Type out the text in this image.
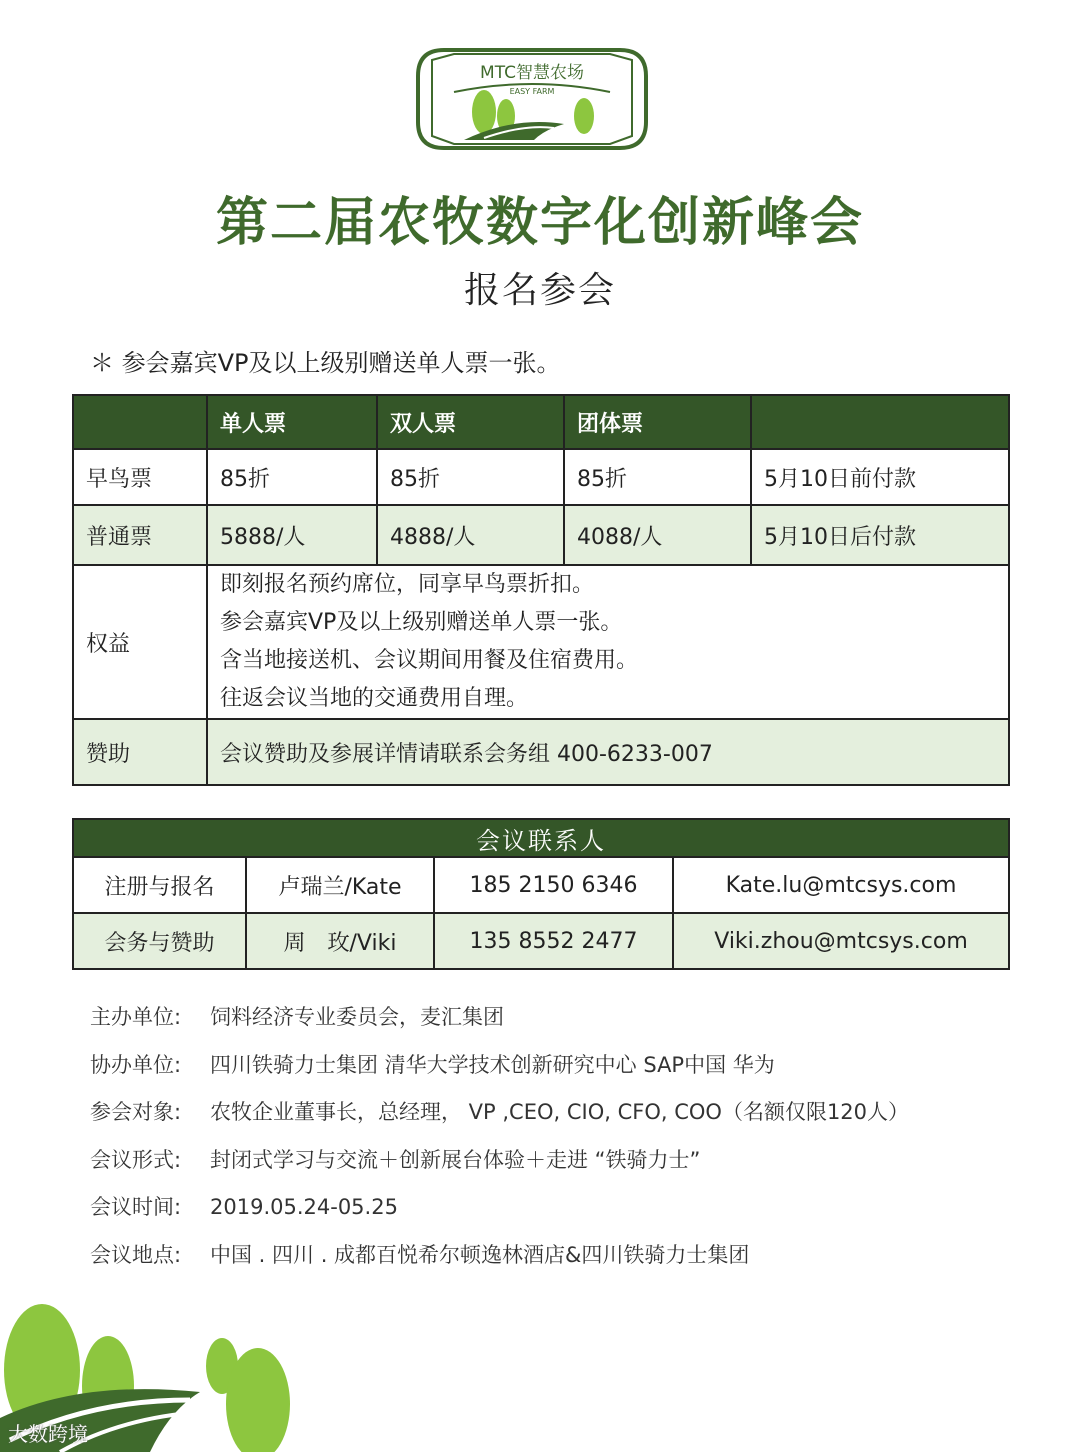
MTC智慧农场
EASY FARM
第二届农牧数字化创新峰会
报名参会
＊ 参会嘉宾VP及以上级别赠送单人票一张。
	单人票	双人票	团体票	
早鸟票	85折	85折	85折	5月10日前付款
普通票	5888/人	4888/人	4088/人	5月10日后付款
权益	即刻报名预约席位，同享早鸟票折扣。
参会嘉宾VP及以上级别赠送单人票一张。
含当地接送机、会议期间用餐及住宿费用。
往返会议当地的交通费用自理。			

赞助	会议赞助及参展详情请联系会务组 400-6233-007			
会议联系人			
注册与报名	卢瑞兰/Kate	185 2150 6346	Kate.lu@mtcsys.com
会务与赞助	周　玫/Viki	135 8552 2477	Viki.zhou@mtcsys.com
主办单位: 饲料经济专业委员会，麦汇集团
协办单位: 四川铁骑力士集团 清华大学技术创新研究中心 SAP中国 华为
参会对象: 农牧企业董事长，总经理， VP ,CEO, CIO, CFO, COO（名额仅限120人）
会议形式: 封闭式学习与交流＋创新展台体验＋走进 “铁骑力士”
会议时间: 2019.05.24-05.25
会议地点: 中国 . 四川 . 成都百悦希尔顿逸林酒店&四川铁骑力士集团
大数跨境
